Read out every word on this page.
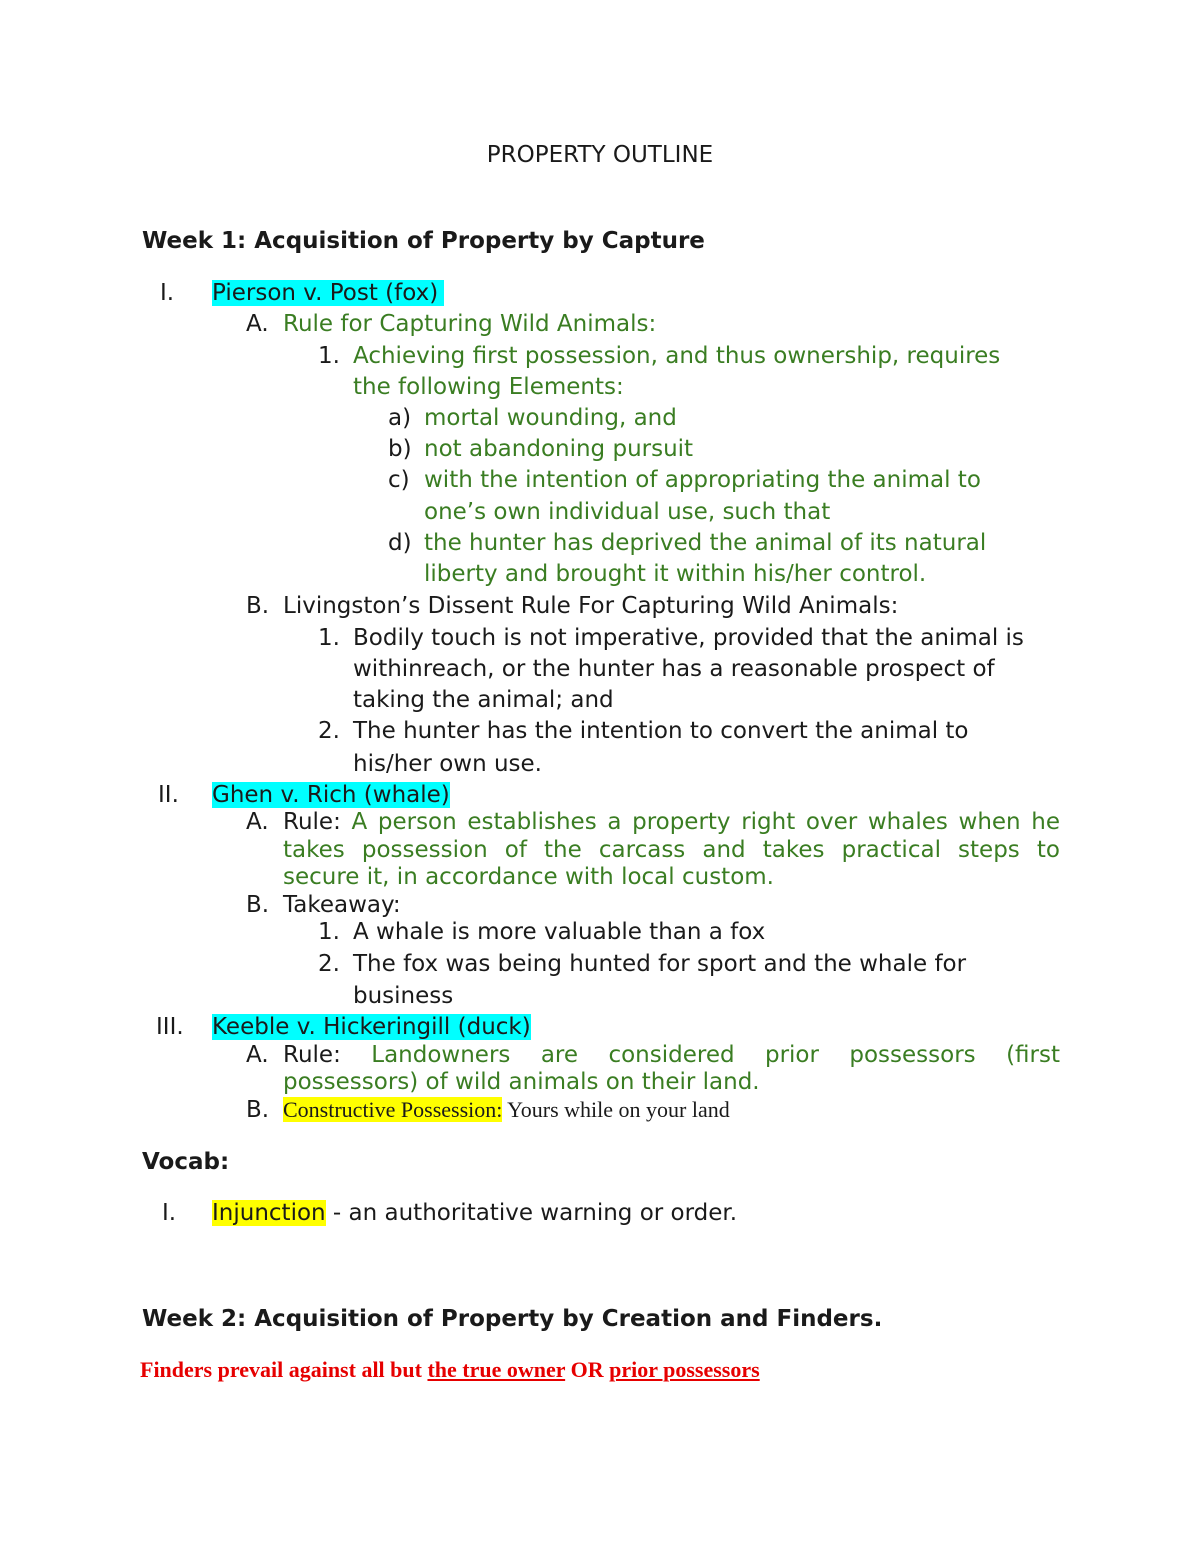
PROPERTY OUTLINE
Week 1: Acquisition of Property by Capture
I. Pierson v. Post (fox)
A. Rule for Capturing Wild Animals:
1. Achieving first possession, and thus ownership, requires
the following Elements:
a) mortal wounding, and
b) not abandoning pursuit
c) with the intention of appropriating the animal to
one’s own individual use, such that
d) the hunter has deprived the animal of its natural
liberty and brought it within his/her control.
B. Livingston’s Dissent Rule For Capturing Wild Animals:
1. Bodily touch is not imperative, provided that the animal is
withinreach, or the hunter has a reasonable prospect of
taking the animal; and
2. The hunter has the intention to convert the animal to
his/her own use.
II. Ghen v. Rich (whale)
A. Rule: A person establishes a property right over whales when he
takes possession of the carcass and takes practical steps to
secure it, in accordance with local custom.
B. Takeaway:
1. A whale is more valuable than a fox
2. The fox was being hunted for sport and the whale for
business
III. Keeble v. Hickeringill (duck)
A. Rule: Landowners are considered prior possessors (first
possessors) of wild animals on their land.
B. Constructive Possession: Yours while on your land
Vocab:
I. Injunction - an authoritative warning or order.
Week 2: Acquisition of Property by Creation and Finders.
Finders prevail against all but the true owner OR prior possessors
